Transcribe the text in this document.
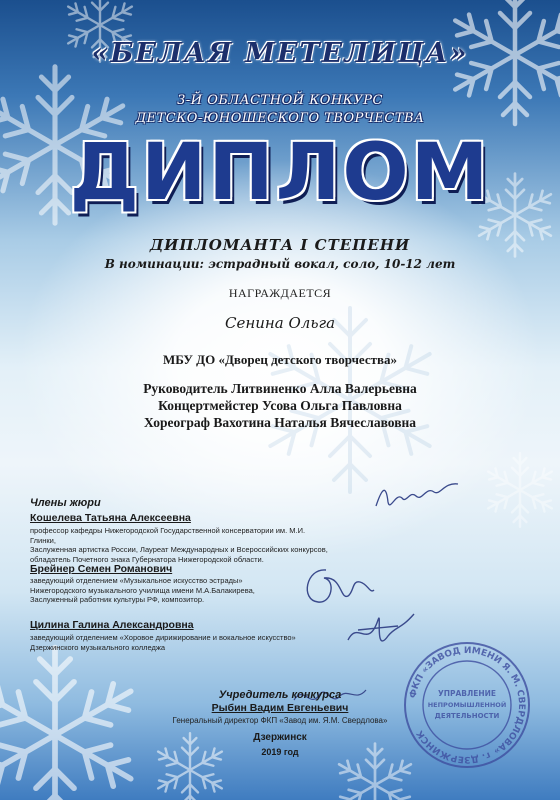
«БЕЛАЯ МЕТЕЛИЦА»
3-Й ОБЛАСТНОЙ КОНКУРС
ДЕТСКО-ЮНОШЕСКОГО ТВОРЧЕСТВА
ДИПЛОМ
ДИПЛОМАНТА I СТЕПЕНИ
В номинации: эстрадный вокал, соло, 10-12 лет
НАГРАЖДАЕТСЯ
Сенина Ольга
МБУ ДО «Дворец детского творчества»
Руководитель Литвиненко Алла Валерьевна
Концертмейстер Усова Ольга Павловна
Хореограф Вахотина Наталья Вячеславовна
Члены жюри
Кошелева Татьяна Алексеевна
профессор кафедры Нижегородской Государственной консерватории им. М.И. Глинки,
Заслуженная артистка России, Лауреат Международных и Всероссийских конкурсов,
обладатель Почетного знака Губернатора Нижегородской области.
Брейнер Семен Романович
заведующий отделением «Музыкальное искусство эстрады»
Нижегородского музыкального училища имени М.А.Балакирева,
Заслуженный работник культуры РФ, композитор.
Цилина Галина Александровна
заведующий отделением «Хоровое дирижирование и вокальное искусство»
Дзержинского музыкального колледжа
ФКП «ЗАВОД ИМЕНИ Я. М. СВЕРДЛОВА»
г. ДЗЕРЖИНСК
УПРАВЛЕНИЕ
НЕПРОМЫШЛЕННОЙ
ДЕЯТЕЛЬНОСТИ
Учредитель конкурса
Рыбин Вадим Евгеньевич
Генеральный директор ФКП «Завод им. Я.М. Свердлова»
Дзержинск
2019 год
